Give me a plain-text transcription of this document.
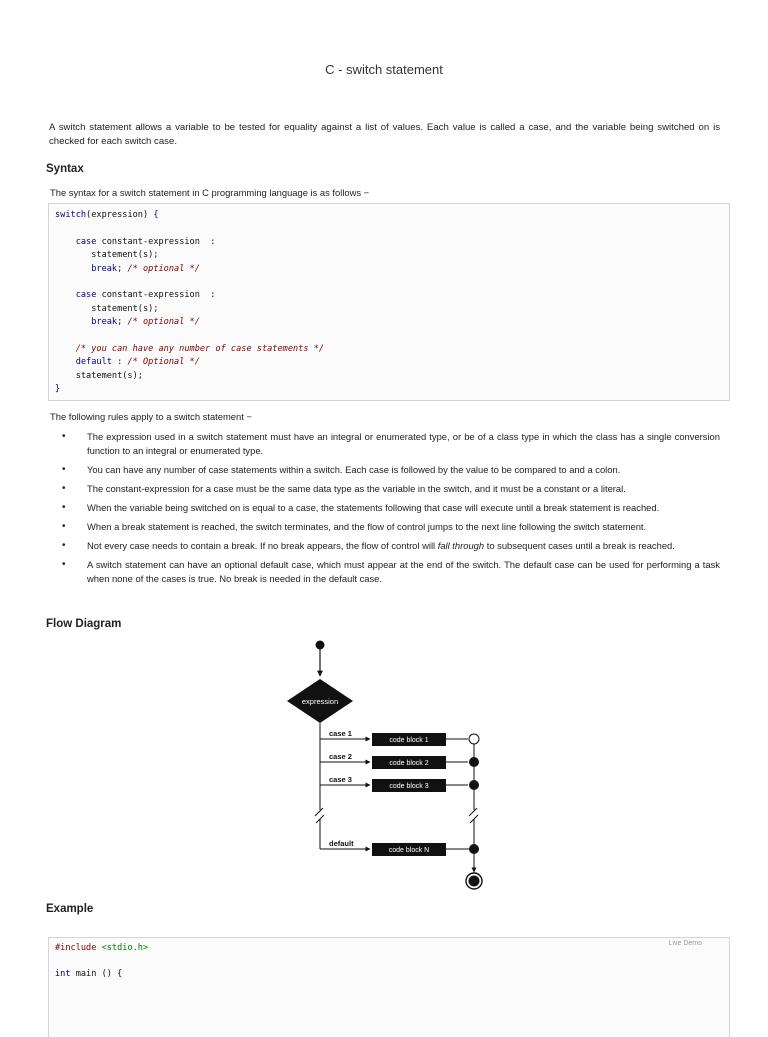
C - switch statement
A switch statement allows a variable to be tested for equality against a list of values. Each value is called a case, and the variable being switched on is checked for each switch case.
Syntax
The syntax for a switch statement in C programming language is as follows −
switch(expression) {
case constant-expression  :
statement(s);
break; /* optional */
case constant-expression  :
statement(s);
break; /* optional */
/* you can have any number of case statements */
default : /* Optional */
statement(s);
}
The following rules apply to a switch statement −
• The expression used in a switch statement must have an integral or enumerated type, or be of a class type in which the class has a single conversion function to an integral or enumerated type.
• You can have any number of case statements within a switch. Each case is followed by the value to be compared to and a colon.
• The constant-expression for a case must be the same data type as the variable in the switch, and it must be a constant or a literal.
• When the variable being switched on is equal to a case, the statements following that case will execute until a break statement is reached.
• When a break statement is reached, the switch terminates, and the flow of control jumps to the next line following the switch statement.
• Not every case needs to contain a break. If no break appears, the flow of control will fall through to subsequent cases until a break is reached.
• A switch statement can have an optional default case, which must appear at the end of the switch. The default case can be used for performing a task when none of the cases is true. No break is needed in the default case.
Flow Diagram
expression
case 1
code block 1
case 2
code block 2
case 3
code block 3
default
code block N
Example
Live Demo
#include <stdio.h>
int main () {
